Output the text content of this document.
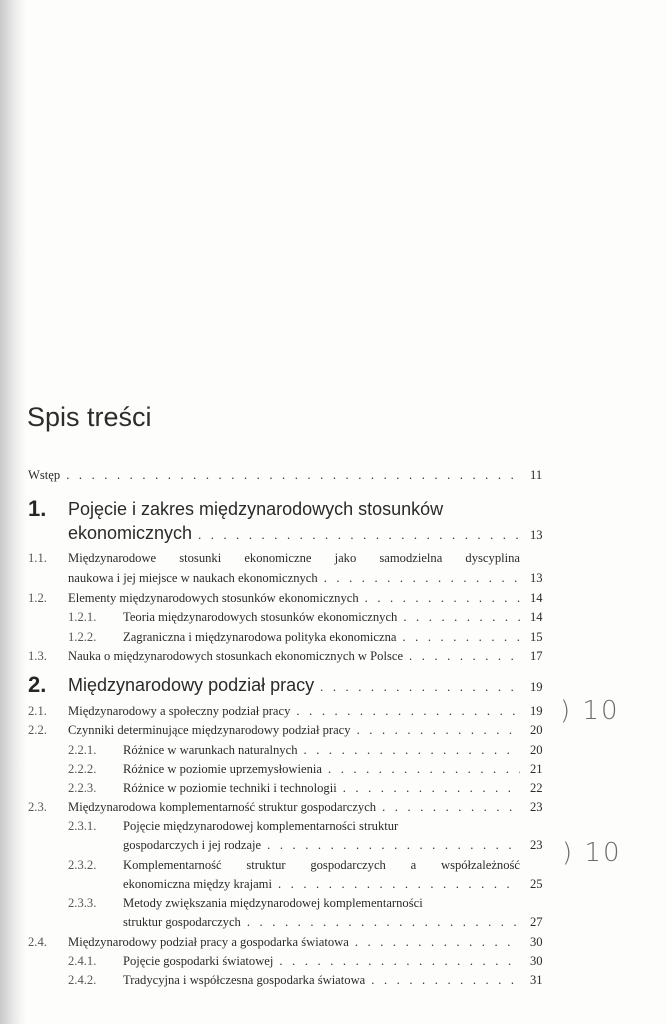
Spis treści
Wstęp . . .	11
1. Pojęcie i zakres międzynarodowych stosunków
ekonomicznych . . .	13
1.1. Międzynarodowe stosunki ekonomiczne jako samodzielna dyscyplina
naukowa i jej miejsce w naukach ekonomicznych . . .	13
1.2. Elementy międzynarodowych stosunków ekonomicznych . . .	14
1.2.1. Teoria międzynarodowych stosunków ekonomicznych . . .	14
1.2.2. Zagraniczna i międzynarodowa polityka ekonomiczna . . .	15
1.3. Nauka o międzynarodowych stosunkach ekonomicznych w Polsce . . .	17
2. Międzynarodowy podział pracy . . .	19
2.1. Międzynarodowy a społeczny podział pracy . . .	19
2.2. Czynniki determinujące międzynarodowy podział pracy . . .	20
2.2.1. Różnice w warunkach naturalnych . . .	20
2.2.2. Różnice w poziomie uprzemysłowienia . . .	21
2.2.3. Różnice w poziomie techniki i technologii . . .	22
2.3. Międzynarodowa komplementarność struktur gospodarczych . . .	23
2.3.1. Pojęcie międzynarodowej komplementarności struktur
gospodarczych i jej rodzaje . . .	23
2.3.2. Komplementarność struktur gospodarczych a współzależność
ekonomiczna między krajami . . .	25
2.3.3. Metody zwiększania międzynarodowej komplementarności
struktur gospodarczych . . .	27
2.4. Międzynarodowy podział pracy a gospodarka światowa . . .	30
2.4.1. Pojęcie gospodarki światowej . . .	30
2.4.2. Tradycyjna i współczesna gospodarka światowa . . .	31
) 10
) 10
